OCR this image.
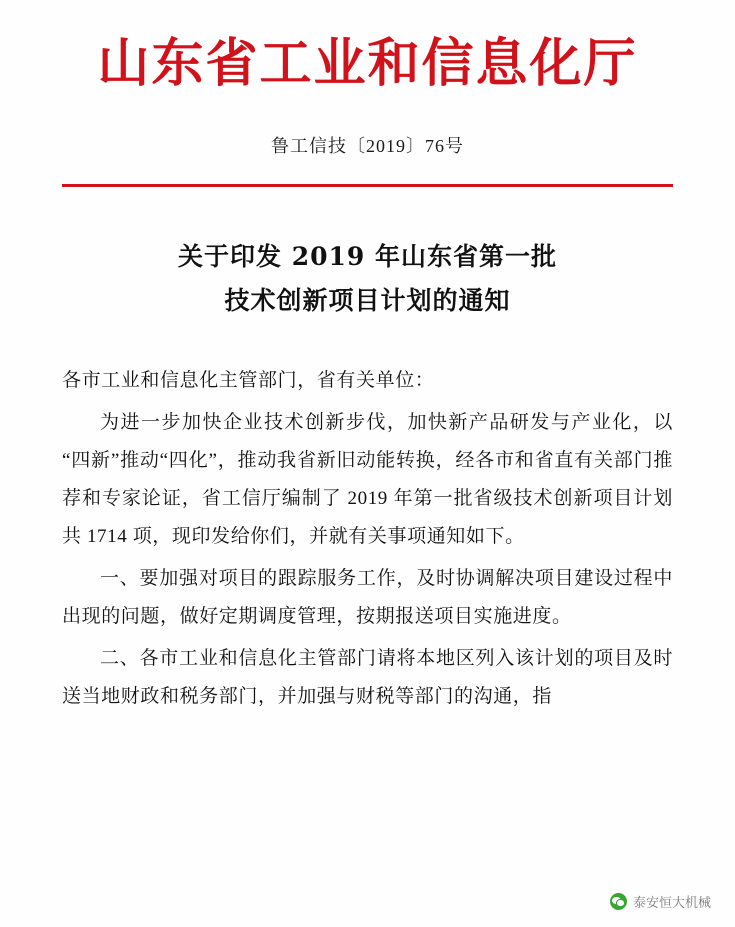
山东省工业和信息化厅
鲁工信技〔2019〕76号
关于印发 2019 年山东省第一批
技术创新项目计划的通知

各市工业和信息化主管部门，省有关单位：

为进一步加快企业技术创新步伐，加快新产品研发与产业化，以“四新”推动“四化”，推动我省新旧动能转换，经各市和省直有关部门推荐和专家论证，省工信厅编制了 2019 年第一批省级技术创新项目计划共 1714 项，现印发给你们，并就有关事项通知如下。

一、要加强对项目的跟踪服务工作，及时协调解决项目建设过程中出现的问题，做好定期调度管理，按期报送项目实施进度。

二、各市工业和信息化主管部门请将本地区列入该计划的项目及时送当地财政和税务部门，并加强与财税等部门的沟通，指

泰安恒大机械
